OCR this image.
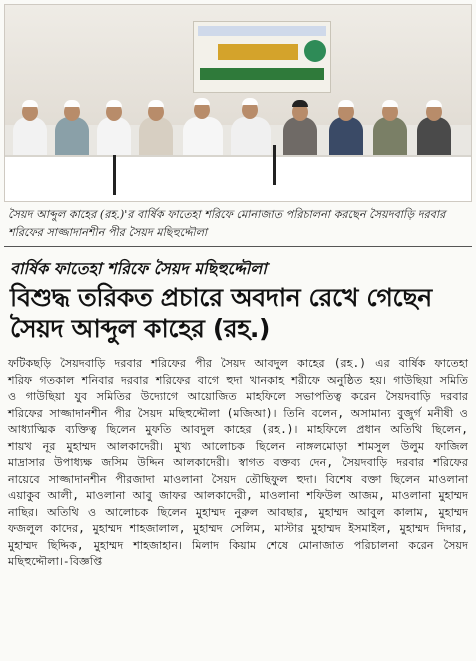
সৈয়দ আব্দুল কাহের (রহ.)'র বার্ষিক ফাতেহা শরিফে মোনাজাত পরিচালনা করছেন সৈয়দবাড়ি দরবার শরিফের সাজ্জাদানশীন পীর সৈয়দ মছিহুদ্দৌলা
বার্ষিক ফাতেহা শরিফে সৈয়দ মছিহুদ্দৌলা
বিশুদ্ধ তরিকত প্রচারে অবদান রেখে গেছেন সৈয়দ আব্দুল কাহের (রহ.)
ফটিকছড়ি সৈয়দবাড়ি দরবার শরিফের পীর সৈয়দ আবদুল কাহের (রহ.) এর বার্ষিক ফাতেহা শরিফ গতকাল শনিবার দরবার শরিফের বাগে হুদা খানকাহ শরীফে অনুষ্ঠিত হয়। গাউছিয়া সমিতি ও গাউছিয়া যুব সমিতির উদ্যোগে আয়োজিত মাহফিলে সভাপতিত্ব করেন সৈয়দবাড়ি দরবার শরিফের সাজ্জাদানশীন পীর সৈয়দ মছিহুদ্দৌলা (মজিআ)। তিনি বলেন, অসামান্য বুজুর্গ মনীষী ও আধ্যাত্মিক ব্যক্তিত্ব ছিলেন মুফতি আবদুল কাহের (রহ.)। মাহফিলে প্রধান অতিথি ছিলেন, শায়খ নূর মুহাম্মদ আলকাদেরী। মুখ্য আলোচক ছিলেন নাঙ্গলমোড়া শামসুল উলুম ফাজিল মাদ্রাসার উপাধ্যক্ষ জসিম উদ্দিন আলকাদেরী। স্বাগত বক্তব্য দেন, সৈয়দবাড়ি দরবার শরিফের নায়েবে সাজ্জাদানশীন পীরজাদা মাওলানা সৈয়দ তৌছিফুল হুদা। বিশেষ বক্তা ছিলেন মাওলানা এয়াকুব আলী, মাওলানা আবু জাফর আলকাদেরী, মাওলানা শফিউল আজম, মাওলানা মুহাম্মদ নাছির। অতিথি ও আলোচক ছিলেন মুহাম্মদ নুরুল আবছার, মুহাম্মদ আবুল কালাম, মুহাম্মদ ফজলুল কাদের, মুহাম্মদ শাহজালাল, মুহাম্মদ সেলিম, মাস্টার মুহাম্মদ ইসমাইল, মুহাম্মদ দিদার, মুহাম্মদ ছিদ্দিক, মুহাম্মদ শাহজাহান। মিলাদ কিয়াম শেষে মোনাজাত পরিচালনা করেন সৈয়দ মছিহুদ্দৌলা।-বিজ্ঞপ্তি
